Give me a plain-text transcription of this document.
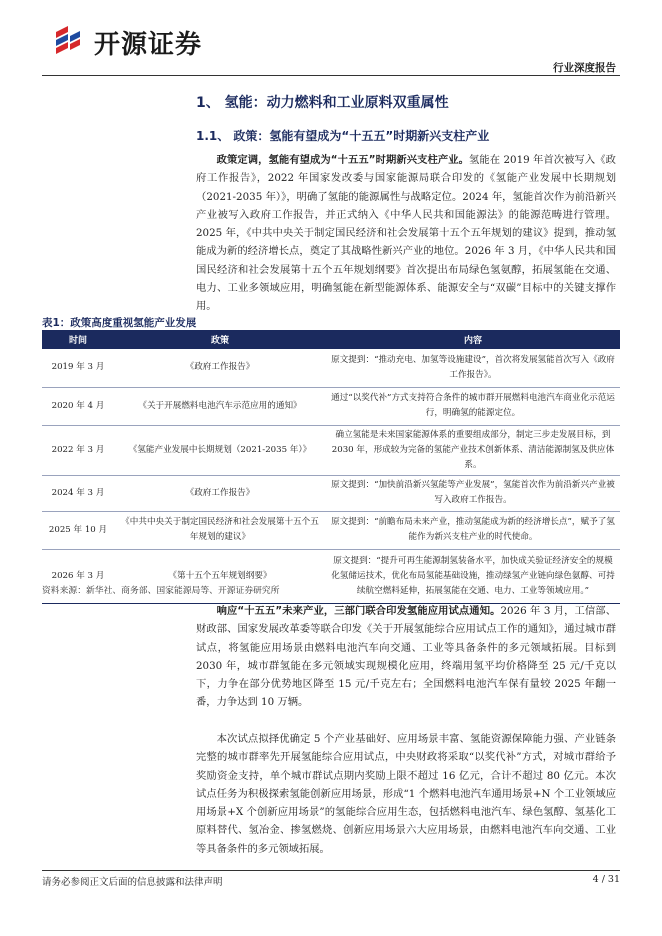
开源证券
行业深度报告
1、 氢能：动力燃料和工业原料双重属性
1.1、 政策：氢能有望成为“十五五”时期新兴支柱产业

政策定调，氢能有望成为“十五五”时期新兴支柱产业。氢能在 2019 年首次被写入《政府工作报告》，2022 年国家发改委与国家能源局联合印发的《氢能产业发展中长期规划（2021-2035 年）》，明确了氢能的能源属性与战略定位。2024 年，氢能首次作为前沿新兴产业被写入政府工作报告，并正式纳入《中华人民共和国能源法》的能源范畴进行管理。2025 年，《中共中央关于制定国民经济和社会发展第十五个五年规划的建议》提到，推动氢能成为新的经济增长点，奠定了其战略性新兴产业的地位。2026 年 3 月，《中华人民共和国国民经济和社会发展第十五个五年规划纲要》首次提出布局绿色氢氨醇，拓展氢能在交通、电力、工业多领域应用，明确氢能在新型能源体系、能源安全与“双碳”目标中的关键支撑作用。

表1：政策高度重视氢能产业发展
时间	政策	内容
2019 年 3 月	《政府工作报告》	原文提到：“推动充电、加氢等设施建设”，首次将发展氢能首次写入《政府工作报告》。
2020 年 4 月	《关于开展燃料电池汽车示范应用的通知》	通过“以奖代补”方式支持符合条件的城市群开展燃料电池汽车商业化示范运行，明确氢的能源定位。
2022 年 3 月	《氢能产业发展中长期规划（2021-2035 年）》	确立氢能是未来国家能源体系的重要组成部分，制定三步走发展目标，到 2030 年，形成较为完备的氢能产业技术创新体系、清洁能源制氢及供应体系。
2024 年 3 月	《政府工作报告》	原文提到：“加快前沿新兴氢能等产业发展”，氢能首次作为前沿新兴产业被写入政府工作报告。
2025 年 10 月	《中共中央关于制定国民经济和社会发展第十五个五年规划的建议》	原文提到：“前瞻布局未来产业，推动氢能成为新的经济增长点”，赋予了氢能作为新兴支柱产业的时代使命。
2026 年 3 月	《第十五个五年规划纲要》	原文提到：“提升可再生能源制氢装备水平，加快成关验证经济安全的规模化氢储运技术，优化布局氢能基础设施，推动绿氢产业链向绿色氨醇、可持续航空燃料延伸，拓展氢能在交通、电力、工业等领域应用。”
资料来源：新华社、商务部、国家能源局等、开源证券研究所

响应“十五五”未来产业，三部门联合印发氢能应用试点通知。2026 年 3 月，工信部、财政部、国家发展改革委等联合印发《关于开展氢能综合应用试点工作的通知》，通过城市群试点，将氢能应用场景由燃料电池汽车向交通、工业等具备条件的多元领域拓展。目标到 2030 年，城市群氢能在多元领域实现规模化应用，终端用氢平均价格降至 25 元/千克以下，力争在部分优势地区降至 15 元/千克左右；全国燃料电池汽车保有量较 2025 年翻一番，力争达到 10 万辆。

本次试点拟择优确定 5 个产业基础好、应用场景丰富、氢能资源保障能力强、产业链条完整的城市群率先开展氢能综合应用试点，中央财政将采取“以奖代补”方式，对城市群给予奖励资金支持，单个城市群试点期内奖励上限不超过 16 亿元，合计不超过 80 亿元。本次试点任务为积极探索氢能创新应用场景，形成“1 个燃料电池汽车通用场景+N 个工业领域应用场景+X 个创新应用场景”的氢能综合应用生态，包括燃料电池汽车、绿色氢醇、氢基化工原料替代、氢冶金、掺氢燃烧、创新应用场景六大应用场景，由燃料电池汽车向交通、工业等具备条件的多元领域拓展。

请务必参阅正文后面的信息披露和法律声明	4 / 31
